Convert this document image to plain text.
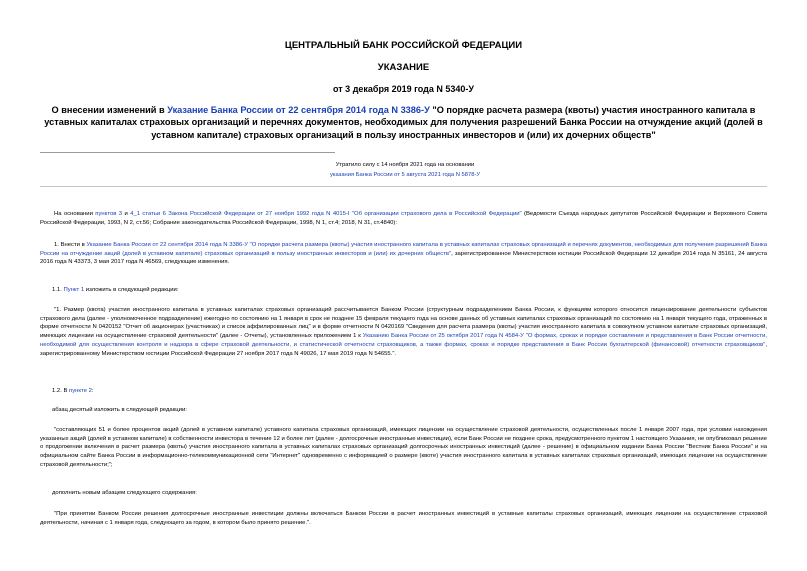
ЦЕНТРАЛЬНЫЙ БАНК РОССИЙСКОЙ ФЕДЕРАЦИИ
УКАЗАНИЕ
от 3 декабря 2019 года N 5340-У
О внесении изменений в Указание Банка России от 22 сентября 2014 года N 3386-У "О порядке расчета размера (квоты) участия иностранного капитала в уставных капиталах страховых организаций и перечнях документов, необходимых для получения разрешений Банка России на отчуждение акций (долей в уставном капитале) страховых организаций в пользу иностранных инвесторов и (или) их дочерних обществ"
Утратило силу с 14 ноября 2021 года на основании
указания Банка России от 5 августа 2021 года N 5878-У
На основании пунктов 3 и 4_1 статьи 6 Закона Российской Федерации от 27 ноября 1992 года N 4015-I "Об организации страхового дела в Российской Федерации" (Ведомости Съезда народных депутатов Российской Федерации и Верховного Совета Российской Федерации, 1993, N 2, ст.56; Собрание законодательства Российской Федерации, 1998, N 1, ст.4; 2018, N 31, ст.4840):
1. Внести в Указание Банка России от 22 сентября 2014 года N 3386-У "О порядке расчета размера (квоты) участия иностранного капитала в уставных капиталах страховых организаций и перечнях документов, необходимых для получения разрешений Банка России на отчуждение акций (долей в уставном капитале) страховых организаций в пользу иностранных инвесторов и (или) их дочерних обществ", зарегистрированное Министерством юстиции Российской Федерации 12 декабря 2014 года N 35161, 24 августа 2016 года N 43373, 3 мая 2017 года N 46569, следующие изменения.
1.1. Пункт 1 изложить в следующей редакции:
"1. Размер (квота) участия иностранного капитала в уставных капиталах страховых организаций рассчитывается Банком России (структурным подразделением Банка России, к функциям которого относится лицензирование деятельности субъектов страхового дела (далее - уполномоченное подразделение) ежегодно по состоянию на 1 января в срок не позднее 15 февраля текущего года на основе данных об уставных капиталах страховых организаций по состоянию на 1 января текущего года, отраженных в форме отчетности N 0420152 "Отчет об акционерах (участниках) и список аффилированных лиц" и в форме отчетности N 0420169 "Сведения для расчета размера (квоты) участия иностранного капитала в совокупном уставном капитале страховых организаций, имеющих лицензии на осуществление страховой деятельности" (далее - Отчеты), установленных приложением 1 к Указанию Банка России от 25 октября 2017 года N 4584-У "О формах, сроках и порядке составления и представления в Банк России отчетности, необходимой для осуществления контроля и надзора в сфере страховой деятельности, и статистической отчетности страховщиков, а также формах, сроках и порядке представления в Банк России бухгалтерской (финансовой) отчетности страховщиков", зарегистрированному Министерством юстиции Российской Федерации 27 ноября 2017 года N 49026, 17 мая 2019 года N 54655.".
1.2. В пункте 2:
абзац десятый изложить в следующей редакции:
"составляющих 51 и более процентов акций (долей в уставном капитале) уставного капитала страховых организаций, имеющих лицензии на осуществление страховой деятельности, осуществленных после 1 января 2007 года, при условии нахождения указанных акций (долей в уставном капитале) в собственности инвестора в течение 12 и более лет (далее - долгосрочные иностранные инвестиции), если Банк России не позднее срока, предусмотренного пунктом 1 настоящего Указания, не опубликовал решение о продолжении включения в расчет размера (квоты) участия иностранного капитала в уставных капиталах страховых организаций долгосрочных иностранных инвестиций (далее - решение) в официальном издании Банка России "Вестник Банка России" и на официальном сайте Банка России в информационно-телекоммуникационной сети "Интернет" одновременно с информацией о размере (квоте) участия иностранного капитала в уставных капиталах страховых организаций, имеющих лицензии на осуществление страховой деятельности;";
дополнить новым абзацем следующего содержания:
"При принятии Банком России решения долгосрочные иностранные инвестиции должны включаться Банком России в расчет иностранных инвестиций в уставные капиталы страховых организаций, имеющих лицензии на осуществление страховой деятельности, начиная с 1 января года, следующего за годом, в котором было принято решение.".
